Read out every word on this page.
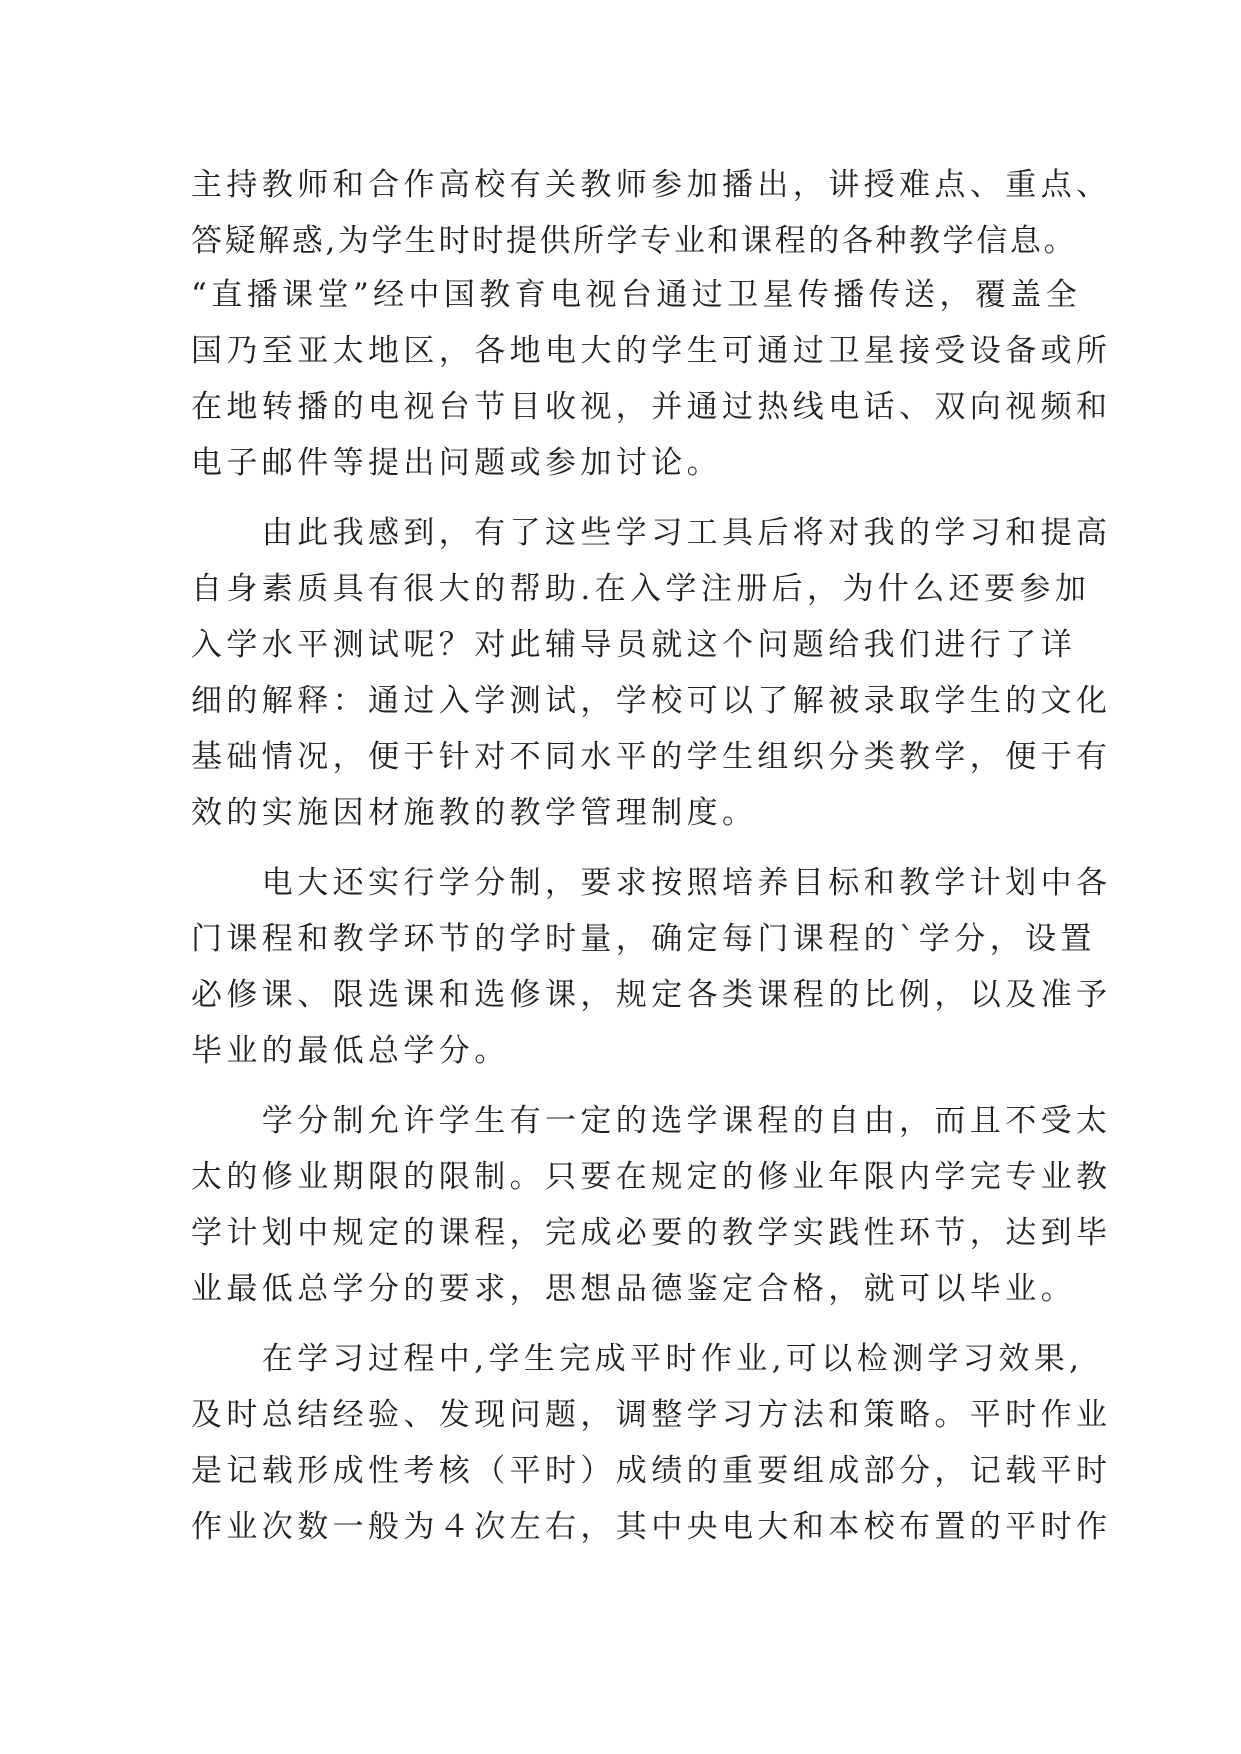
主持教师和合作高校有关教师参加播出，讲授难点、重点、
答疑解惑,为学生时时提供所学专业和课程的各种教学信息。
“直播课堂”经中国教育电视台通过卫星传播传送，覆盖全
国乃至亚太地区，各地电大的学生可通过卫星接受设备或所
在地转播的电视台节目收视，并通过热线电话、双向视频和
电子邮件等提出问题或参加讨论。
　　由此我感到，有了这些学习工具后将对我的学习和提高
自身素质具有很大的帮助.在入学注册后，为什么还要参加
入学水平测试呢？对此辅导员就这个问题给我们进行了详
细的解释：通过入学测试，学校可以了解被录取学生的文化
基础情况，便于针对不同水平的学生组织分类教学，便于有
效的实施因材施教的教学管理制度。
　　电大还实行学分制，要求按照培养目标和教学计划中各
门课程和教学环节的学时量，确定每门课程的`学分，设置
必修课、限选课和选修课，规定各类课程的比例，以及准予
毕业的最低总学分。
　　学分制允许学生有一定的选学课程的自由，而且不受太
太的修业期限的限制。只要在规定的修业年限内学完专业教
学计划中规定的课程，完成必要的教学实践性环节，达到毕
业最低总学分的要求，思想品德鉴定合格，就可以毕业。
　　在学习过程中,学生完成平时作业,可以检测学习效果,
及时总结经验、发现问题，调整学习方法和策略。平时作业
是记载形成性考核（平时）成绩的重要组成部分，记载平时
作业次数一般为４次左右，其中央电大和本校布置的平时作
